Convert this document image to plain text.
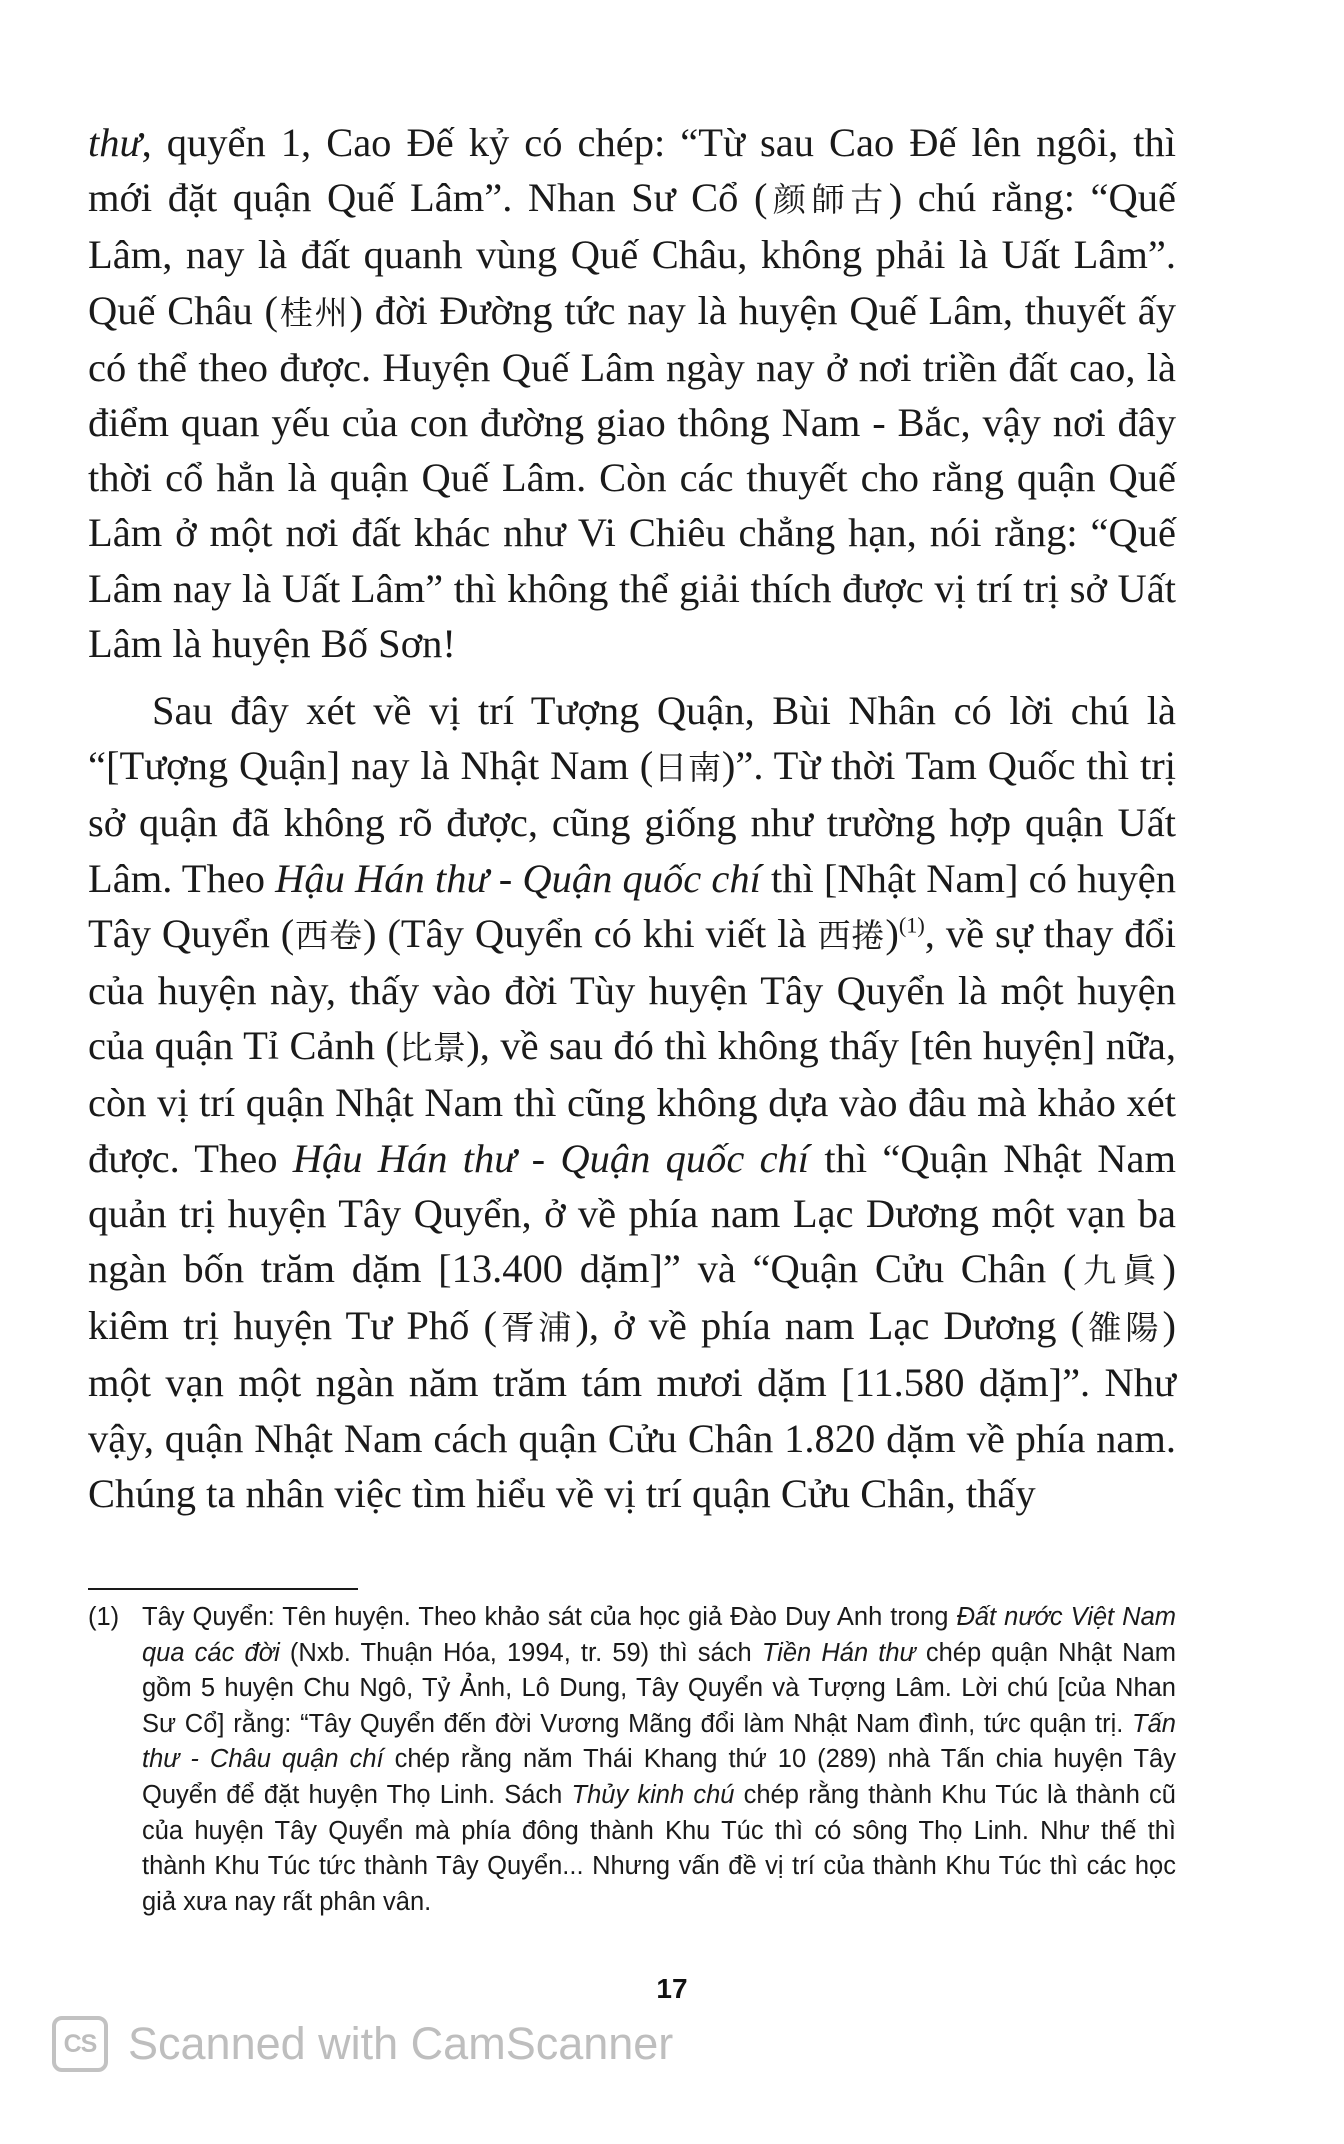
thư, quyển 1, Cao Đế kỷ có chép: “Từ sau Cao Đế lên ngôi, thì mới đặt quận Quế Lâm”. Nhan Sư Cổ (颜師古) chú rằng: “Quế Lâm, nay là đất quanh vùng Quế Châu, không phải là Uất Lâm”. Quế Châu (桂州) đời Đường tức nay là huyện Quế Lâm, thuyết ấy có thể theo được. Huyện Quế Lâm ngày nay ở nơi triền đất cao, là điểm quan yếu của con đường giao thông Nam - Bắc, vậy nơi đây thời cổ hẳn là quận Quế Lâm. Còn các thuyết cho rằng quận Quế Lâm ở một nơi đất khác như Vi Chiêu chẳng hạn, nói rằng: “Quế Lâm nay là Uất Lâm” thì không thể giải thích được vị trí trị sở Uất Lâm là huyện Bố Sơn!

Sau đây xét về vị trí Tượng Quận, Bùi Nhân có lời chú là “[Tượng Quận] nay là Nhật Nam (日南)”. Từ thời Tam Quốc thì trị sở quận đã không rõ được, cũng giống như trường hợp quận Uất Lâm. Theo Hậu Hán thư - Quận quốc chí thì [Nhật Nam] có huyện Tây Quyển (西卷) (Tây Quyển có khi viết là 西捲)$^{(1)}$, về sự thay đổi của huyện này, thấy vào đời Tùy huyện Tây Quyển là một huyện của quận Tỉ Cảnh (比景), về sau đó thì không thấy [tên huyện] nữa, còn vị trí quận Nhật Nam thì cũng không dựa vào đâu mà khảo xét được. Theo Hậu Hán thư - Quận quốc chí thì “Quận Nhật Nam quản trị huyện Tây Quyển, ở về phía nam Lạc Dương một vạn ba ngàn bốn trăm dặm [13.400 dặm]” và “Quận Cửu Chân (九眞) kiêm trị huyện Tư Phố (胥浦), ở về phía nam Lạc Dương (雒陽) một vạn một ngàn năm trăm tám mươi dặm [11.580 dặm]”. Như vậy, quận Nhật Nam cách quận Cửu Chân 1.820 dặm về phía nam. Chúng ta nhân việc tìm hiểu về vị trí quận Cửu Chân, thấy

(1) Tây Quyển: Tên huyện. Theo khảo sát của học giả Đào Duy Anh trong Đất nước Việt Nam qua các đời (Nxb. Thuận Hóa, 1994, tr. 59) thì sách Tiền Hán thư chép quận Nhật Nam gồm 5 huyện Chu Ngô, Tỷ Ảnh, Lô Dung, Tây Quyển và Tượng Lâm. Lời chú [của Nhan Sư Cổ] rằng: “Tây Quyển đến đời Vương Mãng đổi làm Nhật Nam đình, tức quận trị. Tấn thư - Châu quận chí chép rằng năm Thái Khang thứ 10 (289) nhà Tấn chia huyện Tây Quyển để đặt huyện Thọ Linh. Sách Thủy kinh chú chép rằng thành Khu Túc là thành cũ của huyện Tây Quyển mà phía đông thành Khu Túc thì có sông Thọ Linh. Như thế thì thành Khu Túc tức thành Tây Quyển... Nhưng vấn đề vị trí của thành Khu Túc thì các học giả xưa nay rất phân vân.
17
CS Scanned with CamScanner
